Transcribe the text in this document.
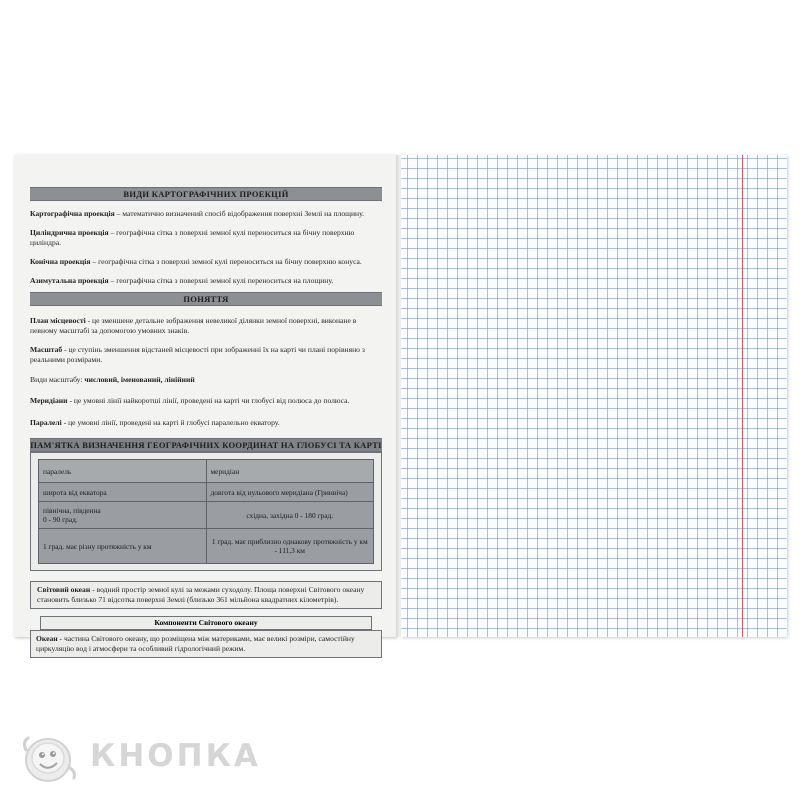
ВИДИ КАРТОГРАФІЧНИХ ПРОЕКЦІЙ

Картографічна проекція – математично визначений спосіб відображення поверхні Землі на площину.

Циліндрична проекція – географічна сітка з поверхні земної кулі переноситься на бічну поверхню циліндра.

Конічна проекція – географічна сітка з поверхні земної кулі переноситься на бічну поверхню конуса.

Азимутальна проекція – географічна сітка з поверхні земної кулі переноситься на площину.

ПОНЯТТЯ

План місцевості - це зменшене детальне зображення невеликої ділянки земної поверхні, виконане в певному масштабі за допомогою умовних знаків.

Масштаб - це ступінь зменшення відстаней місцевості при зображенні їх на карті чи плані порівняно з реальними розмірами.

Види масштабу: числовий, іменований, лінійний

Меридіани - це умовні лінії найкоротші лінії, проведені на карті чи глобусі від полюса до полюса.

Паралелі - це умовні лінії, проведені на карті й глобусі паралельно екватору.

ПАМ'ЯТКА ВИЗНАЧЕННЯ ГЕОГРАФІЧНИХ КООРДИНАТ НА ГЛОБУСІ ТА КАРТІ
паралель	меридіан
широта від екватора	довгота від нульового меридіана (Гринвіча)
північна, південна
0 - 90 град.	східна, західна 0 - 180 град.
1 град. має різну протяжність у км	1 град. має приблизно однакову протяжність у км - 111,3 км

Світовий океан - водний простір земної кулі за межами суходолу. Площа поверхні Світового океану становить близько 71 відсотка поверхні Землі (близько 361 мільйона квадратних кілометрів).

Компоненти Світового океану

Океан - частина Світового океану, що розміщена між материками, має великі розміри, самостійну циркуляцію вод і атмосфери та особливий гідрологічний режим.

КНОПКА
